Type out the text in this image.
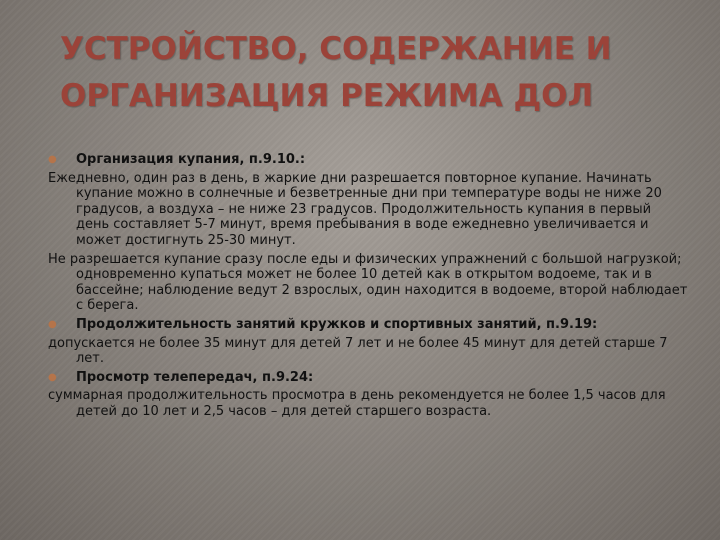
УСТРОЙСТВО, СОДЕРЖАНИЕ И ОРГАНИЗАЦИЯ РЕЖИМА ДОЛ
● Организация купания, п.9.10.:

Ежедневно, один раз в день, в жаркие дни разрешается повторное купание. Начинать купание можно в солнечные и безветренные дни при температуре воды не ниже 20 градусов, а воздуха – не ниже 23 градусов. Продолжительность купания в первый день составляет 5-7 минут, время пребывания в воде ежедневно увеличивается и может достигнуть 25-30 минут.

Не разрешается купание сразу после еды и физических упражнений с большой нагрузкой; одновременно купаться может не более 10 детей как в открытом водоеме, так и в бассейне; наблюдение ведут 2 взрослых, один находится в водоеме, второй наблюдает с берега.

● Продолжительность занятий кружков и спортивных занятий, п.9.19:

допускается не более 35 минут для детей 7 лет и не более 45 минут для детей старше 7 лет.

● Просмотр телепередач, п.9.24:

суммарная продолжительность просмотра в день рекомендуется не более 1,5 часов для детей до 10 лет и 2,5 часов – для детей старшего возраста.
